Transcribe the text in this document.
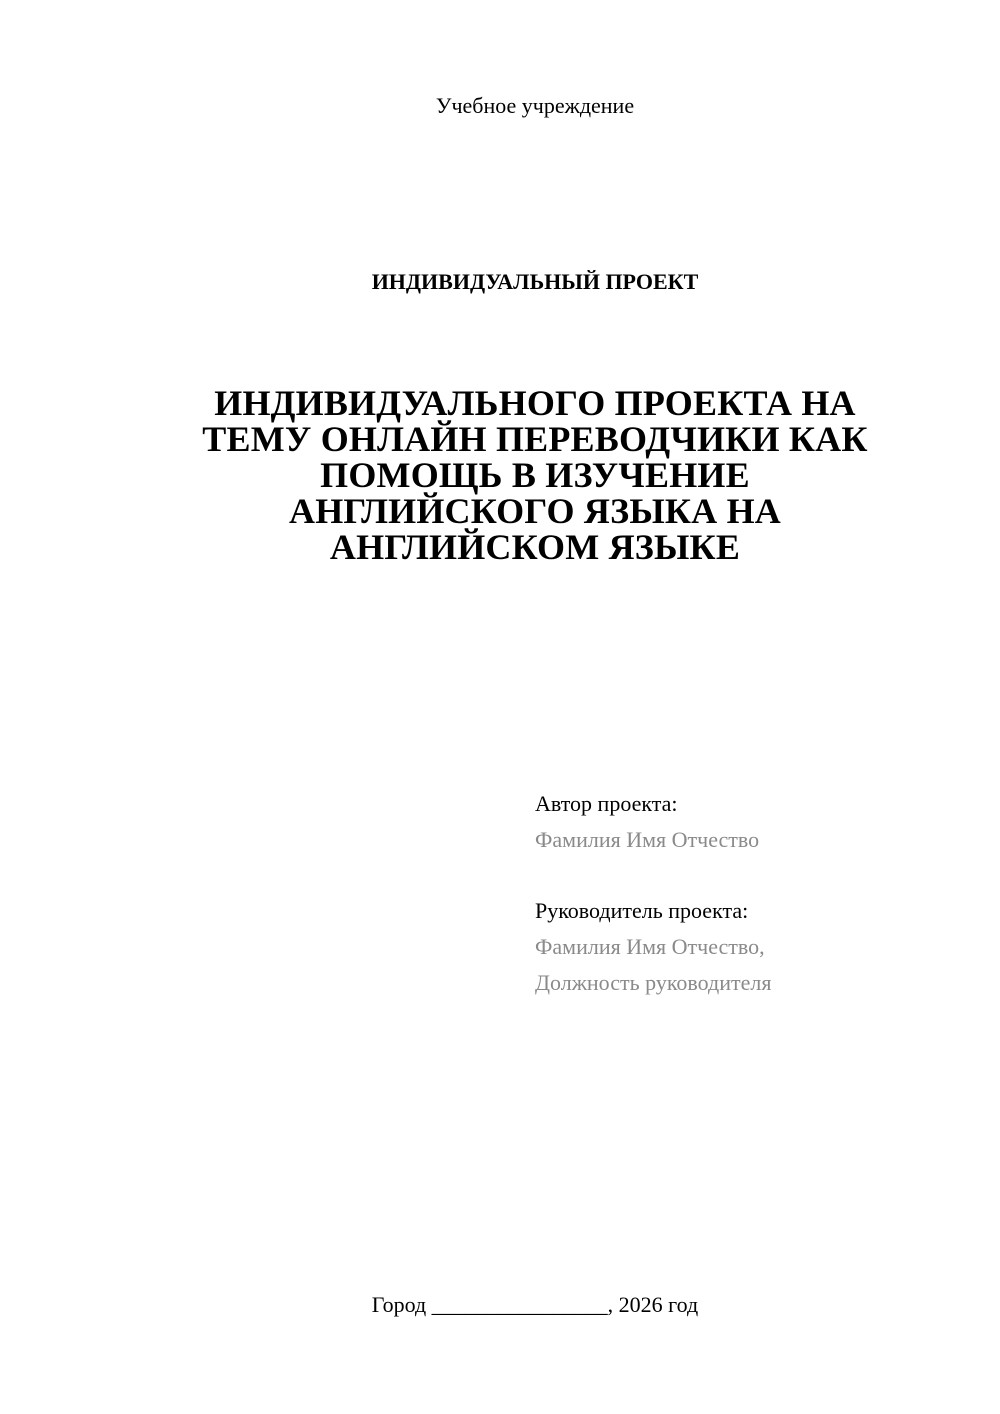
Учебное учреждение
ИНДИВИДУАЛЬНЫЙ ПРОЕКТ
ИНДИВИДУАЛЬНОГО ПРОЕКТА НА
ТЕМУ ОНЛАЙН ПЕРЕВОДЧИКИ КАК
ПОМОЩЬ В ИЗУЧЕНИЕ
АНГЛИЙСКОГО ЯЗЫКА НА
АНГЛИЙСКОМ ЯЗЫКЕ
Автор проекта:
Фамилия Имя Отчество
Руководитель проекта:
Фамилия Имя Отчество,
Должность руководителя
Город ________________, 2026 год
